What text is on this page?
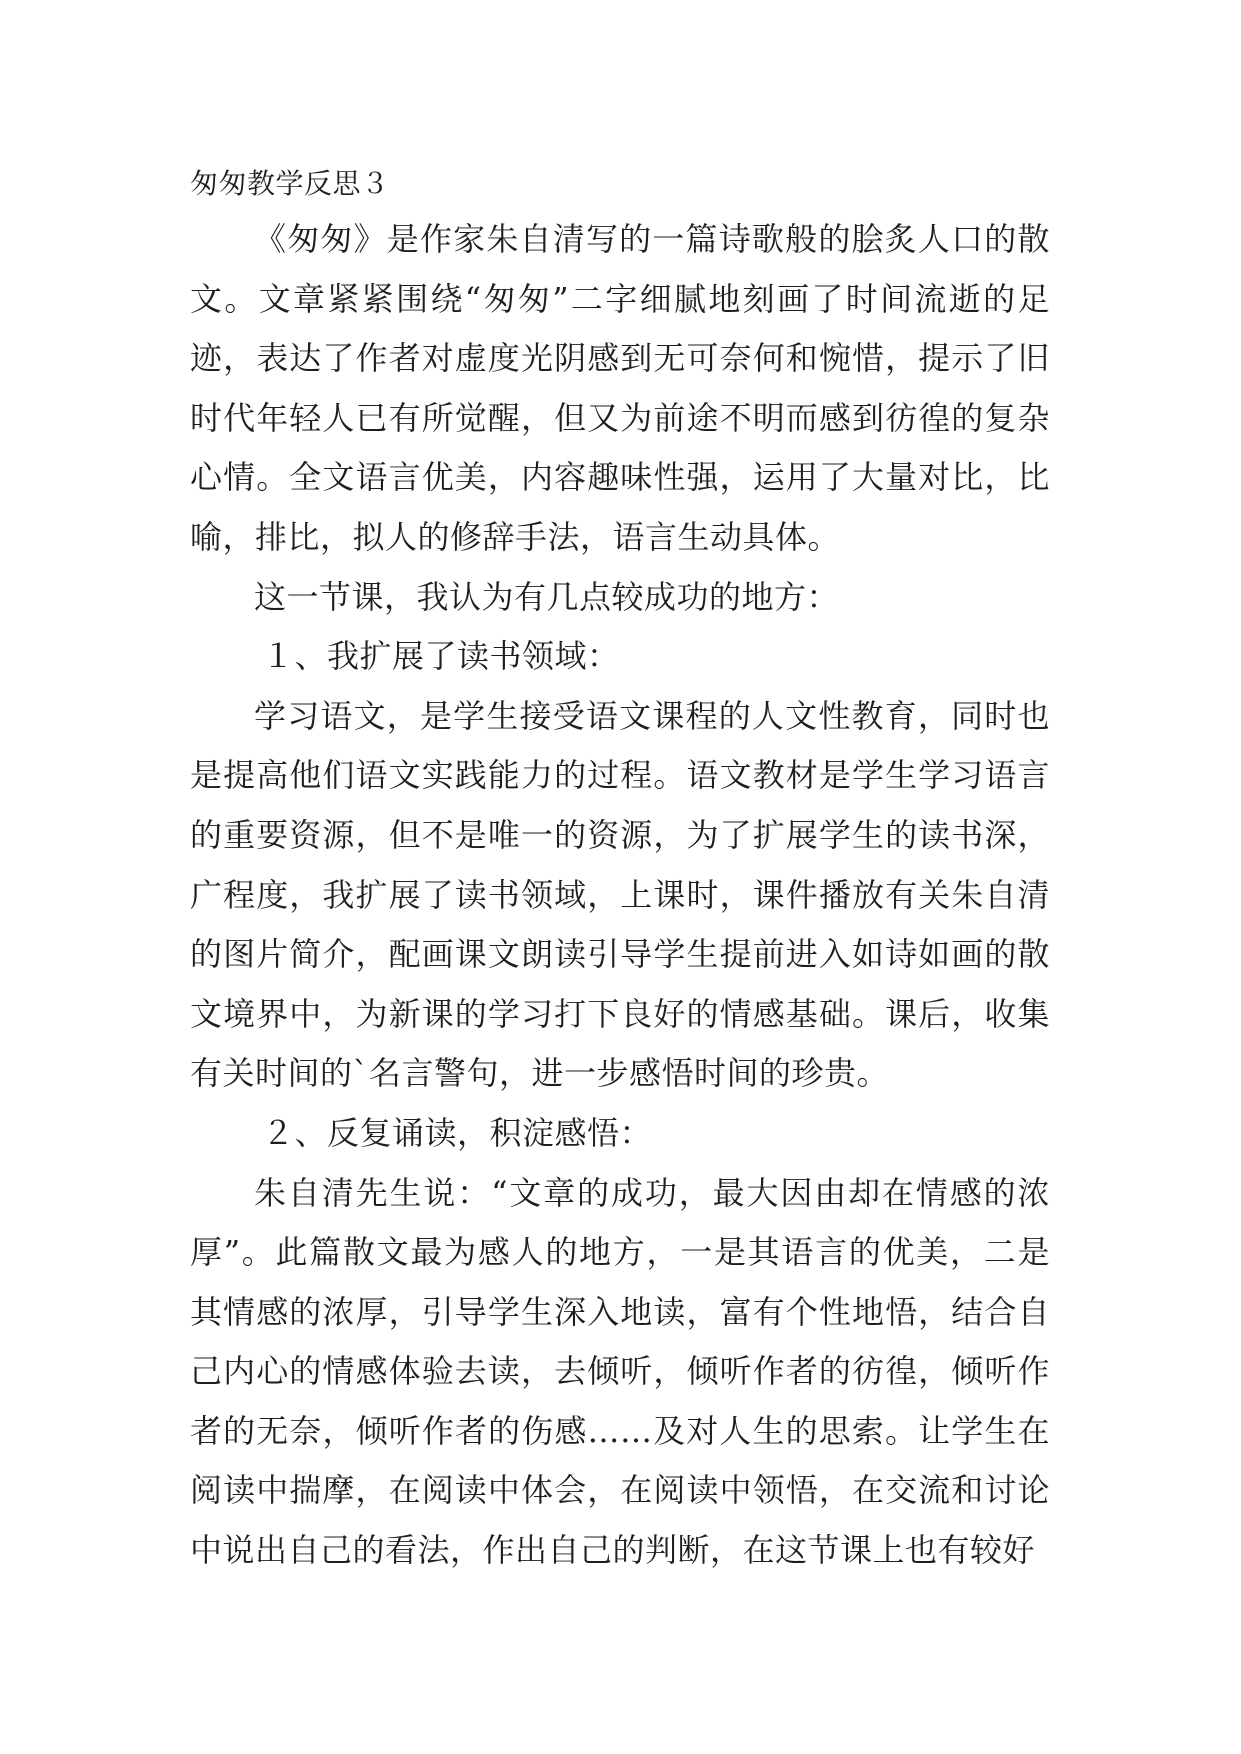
匆匆教学反思３

《匆匆》是作家朱自清写的一篇诗歌般的脍炙人口的散文。文章紧紧围绕“匆匆”二字细腻地刻画了时间流逝的足迹，表达了作者对虚度光阴感到无可奈何和惋惜，提示了旧时代年轻人已有所觉醒，但又为前途不明而感到彷徨的复杂心情。全文语言优美，内容趣味性强，运用了大量对比，比喻，排比，拟人的修辞手法，语言生动具体。

这一节课，我认为有几点较成功的地方：

１、我扩展了读书领域：

学习语文，是学生接受语文课程的人文性教育，同时也是提高他们语文实践能力的过程。语文教材是学生学习语言的重要资源，但不是唯一的资源，为了扩展学生的读书深，广程度，我扩展了读书领域，上课时，课件播放有关朱自清的图片简介，配画课文朗读引导学生提前进入如诗如画的散文境界中，为新课的学习打下良好的情感基础。课后，收集有关时间的`名言警句，进一步感悟时间的珍贵。

２、反复诵读，积淀感悟：

朱自清先生说：“文章的成功，最大因由却在情感的浓厚”。此篇散文最为感人的地方，一是其语言的优美，二是其情感的浓厚，引导学生深入地读，富有个性地悟，结合自己内心的情感体验去读，去倾听，倾听作者的彷徨，倾听作者的无奈，倾听作者的伤感……及对人生的思索。让学生在阅读中揣摩，在阅读中体会，在阅读中领悟，在交流和讨论中说出自己的看法，作出自己的判断，在这节课上也有较好
